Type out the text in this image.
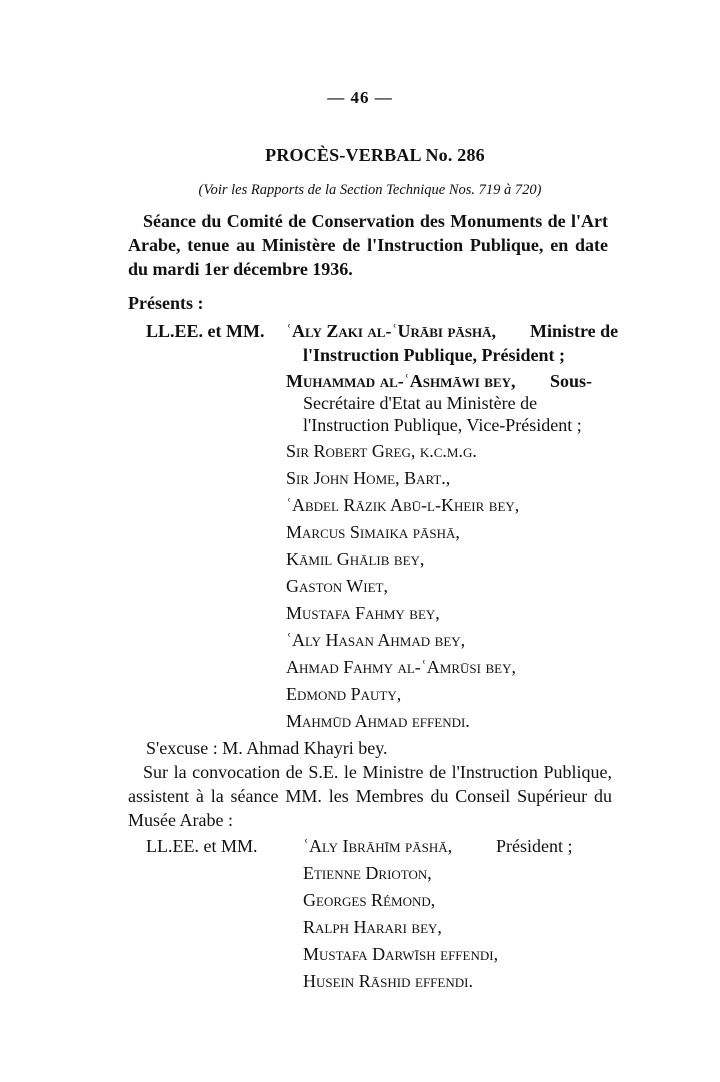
— 46 —
PROCÈS-VERBAL No. 286
(Voir les Rapports de la Section Technique Nos. 719 à 720)
Séance du Comité de Conservation des Monuments de l'Art Arabe, tenue au Ministère de l'Instruction Publique, en date du mardi 1er décembre 1936.
Présents :
LL.EE. et MM. ʿAly Zaki al-ʿUrābi pāshā, Ministre de
l'Instruction Publique, Président ;
Muhammad al-ʿAshmāwi bey, Sous-
Secrétaire d'Etat au Ministère de
l'Instruction Publique, Vice-Président ;
Sir Robert Greg, k.c.m.g.
Sir John Home, Bart.,
ʿAbdel Rāzik Abū-l-Kheir bey,
Marcus Simaika pāshā,
Kāmil Ghālib bey,
Gaston Wiet,
Mustafa Fahmy bey,
ʿAly Hasan Ahmad bey,
Ahmad Fahmy al-ʿAmrūsi bey,
Edmond Pauty,
Mahmūd Ahmad effendi.
S'excuse : M. Ahmad Khayri bey.
Sur la convocation de S.E. le Ministre de l'Instruction Publique, assistent à la séance MM. les Membres du Conseil Supérieur du Musée Arabe :
LL.EE. et MM.	ʿAly Ibrāhīm pāshā, Président ;
Etienne Drioton,
Georges Rémond,
Ralph Harari bey,
Mustafa Darwīsh effendi,
Husein Rāshid effendi.
